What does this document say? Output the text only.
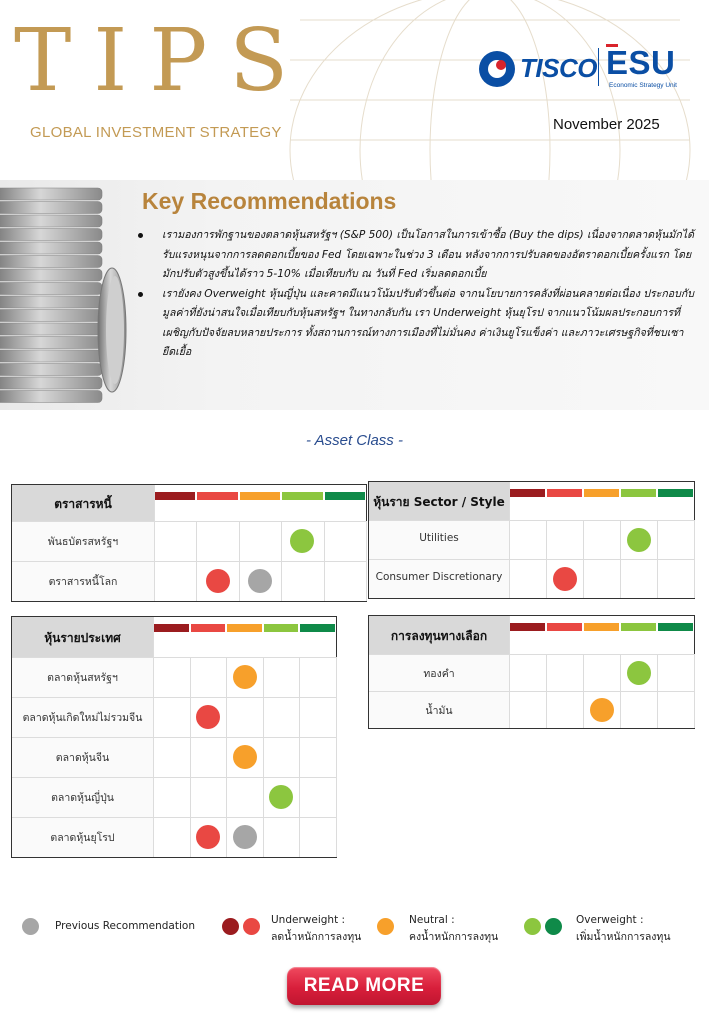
TIPS
GLOBAL INVESTMENT STRATEGY
TISCO ESU
Economic Strategy Unit
November 2025
Key Recommendations
เรามองการพักฐานของตลาดหุ้นสหรัฐฯ (S&P 500) เป็นโอกาสในการเข้าซื้อ (Buy the dips) เนื่องจากตลาดหุ้นมักได้รับแรงหนุนจากการลดดอกเบี้ยของ Fed โดยเฉพาะในช่วง 3 เดือน หลังจากการปรับลดของอัตราดอกเบี้ยครั้งแรก โดยมักปรับตัวสูงขึ้นได้ราว 5-10% เมื่อเทียบกับ ณ วันที่ Fed เริ่มลดดอกเบี้ย
เรายังคง Overweight หุ้นญี่ปุ่น และคาดมีแนวโน้มปรับตัวขึ้นต่อ จากนโยบายการคลังที่ผ่อนคลายต่อเนื่อง ประกอบกับมูลค่าที่ยังน่าสนใจเมื่อเทียบกับหุ้นสหรัฐฯ ในทางกลับกัน เรา Underweight หุ้นยุโรป จากแนวโน้มผลประกอบการที่เผชิญกับปัจจัยลบหลายประการ ทั้งสถานการณ์ทางการเมืองที่ไม่มั่นคง ค่าเงินยูโรแข็งค่า และภาวะเศรษฐกิจที่ชบเซายืดเยื้อ
- Asset Class -
ตราสารหนี้
พันธบัตรสหรัฐฯ
ตราสารหนี้โลก
หุ้นราย Sector / Style
Utilities
Consumer Discretionary
หุ้นรายประเทศ
ตลาดหุ้นสหรัฐฯ
ตลาดหุ้นเกิดใหม่ไม่รวมจีน
ตลาดหุ้นจีน
ตลาดหุ้นญี่ปุ่น
ตลาดหุ้นยุโรป
การลงทุนทางเลือก
ทองคำ
น้ำมัน
Previous Recommendation	Underweight :
ลดน้ำหนักการลงทุน
Neutral :
คงน้ำหนักการลงทุน
Overweight :
เพิ่มน้ำหนักการลงทุน
READ MORE
